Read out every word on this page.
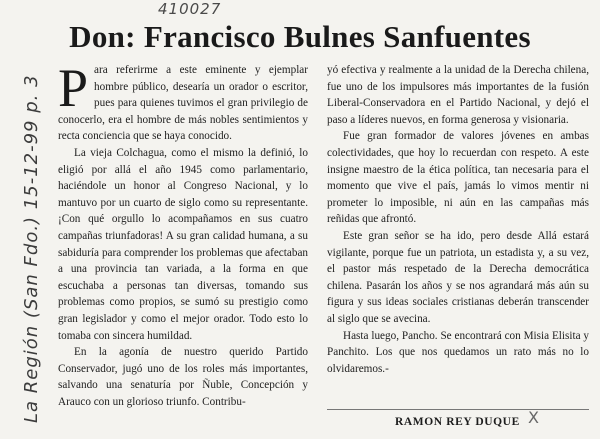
410027
La Región (San Fdo.) 15-12-99 p. 3
Don: Francisco Bulnes Sanfuentes

P ara referirme a este eminente y ejemplar hombre público, desearía un orador o escritor, pues para quienes tuvimos el gran privilegio de conocerlo, era el hombre de más nobles sentimientos y recta conciencia que se haya conocido.

La vieja Colchagua, como el mismo la definió, lo eligió por allá el año 1945 como parlamentario, haciéndole un honor al Congreso Nacional, y lo mantuvo por un cuarto de siglo como su representante. ¡Con qué orgullo lo acompañamos en sus cuatro campañas triunfadoras! A su gran calidad humana, a su sabiduría para comprender los problemas que afectaban a una provincia tan variada, a la forma en que escuchaba a personas tan diversas, tomando sus problemas como propios, se sumó su prestigio como gran legislador y como el mejor orador. Todo esto lo tomaba con sincera humildad.

En la agonía de nuestro querido Partido Conservador, jugó uno de los roles más importantes, salvando una senaturía por Ñuble, Concepción y Arauco con un glorioso triunfo. Contribu-

yó efectiva y realmente a la unidad de la Derecha chilena, fue uno de los impulsores más importantes de la fusión Liberal-Conservadora en el Partido Nacional, y dejó el paso a líderes nuevos, en forma generosa y visionaria.

Fue gran formador de valores jóvenes en ambas colectividades, que hoy lo recuerdan con respeto. A este insigne maestro de la ética política, tan necesaria para el momento que vive el país, jamás lo vimos mentir ni prometer lo imposible, ni aún en las campañas más reñidas que afrontó.

Este gran señor se ha ido, pero desde Allá estará vigilante, porque fue un patriota, un estadista y, a su vez, el pastor más respetado de la Derecha democrática chilena. Pasarán los años y se nos agrandará más aún su figura y sus ideas sociales cristianas deberán transcender al siglo que se avecina.

Hasta luego, Pancho. Se encontrará con Misia Elisita y Panchito. Los que nos quedamos un rato más no lo olvidaremos.-

RAMON REY DUQUE X
